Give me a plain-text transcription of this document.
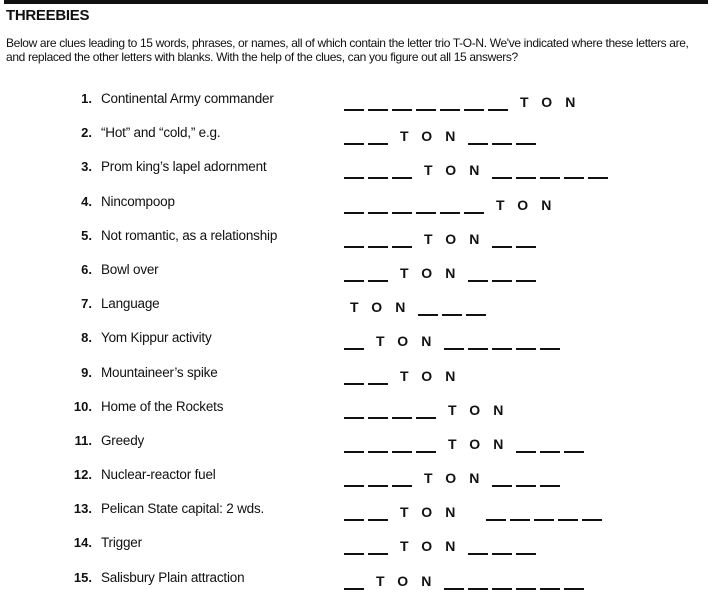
THREEBIES
Below are clues leading to 15 words, phrases, or names, all of which contain the letter trio T-O-N. We've indicated where these letters are, and replaced the other letters with blanks. With the help of the clues, can you figure out all 15 answers?
1. Continental Army commander	TON
2. “Hot” and “cold,” e.g.	TON
3. Prom king’s lapel adornment	TON
4. Nincompoop	TON
5. Not romantic, as a relationship	TON
6. Bowl over	TON
7. Language	TON
8. Yom Kippur activity	TON
9. Mountaineer’s spike	TON
10. Home of the Rockets	TON
11. Greedy	TON
12. Nuclear-reactor fuel	TON
13. Pelican State capital: 2 wds.	TON
14. Trigger	TON
15. Salisbury Plain attraction	TON
